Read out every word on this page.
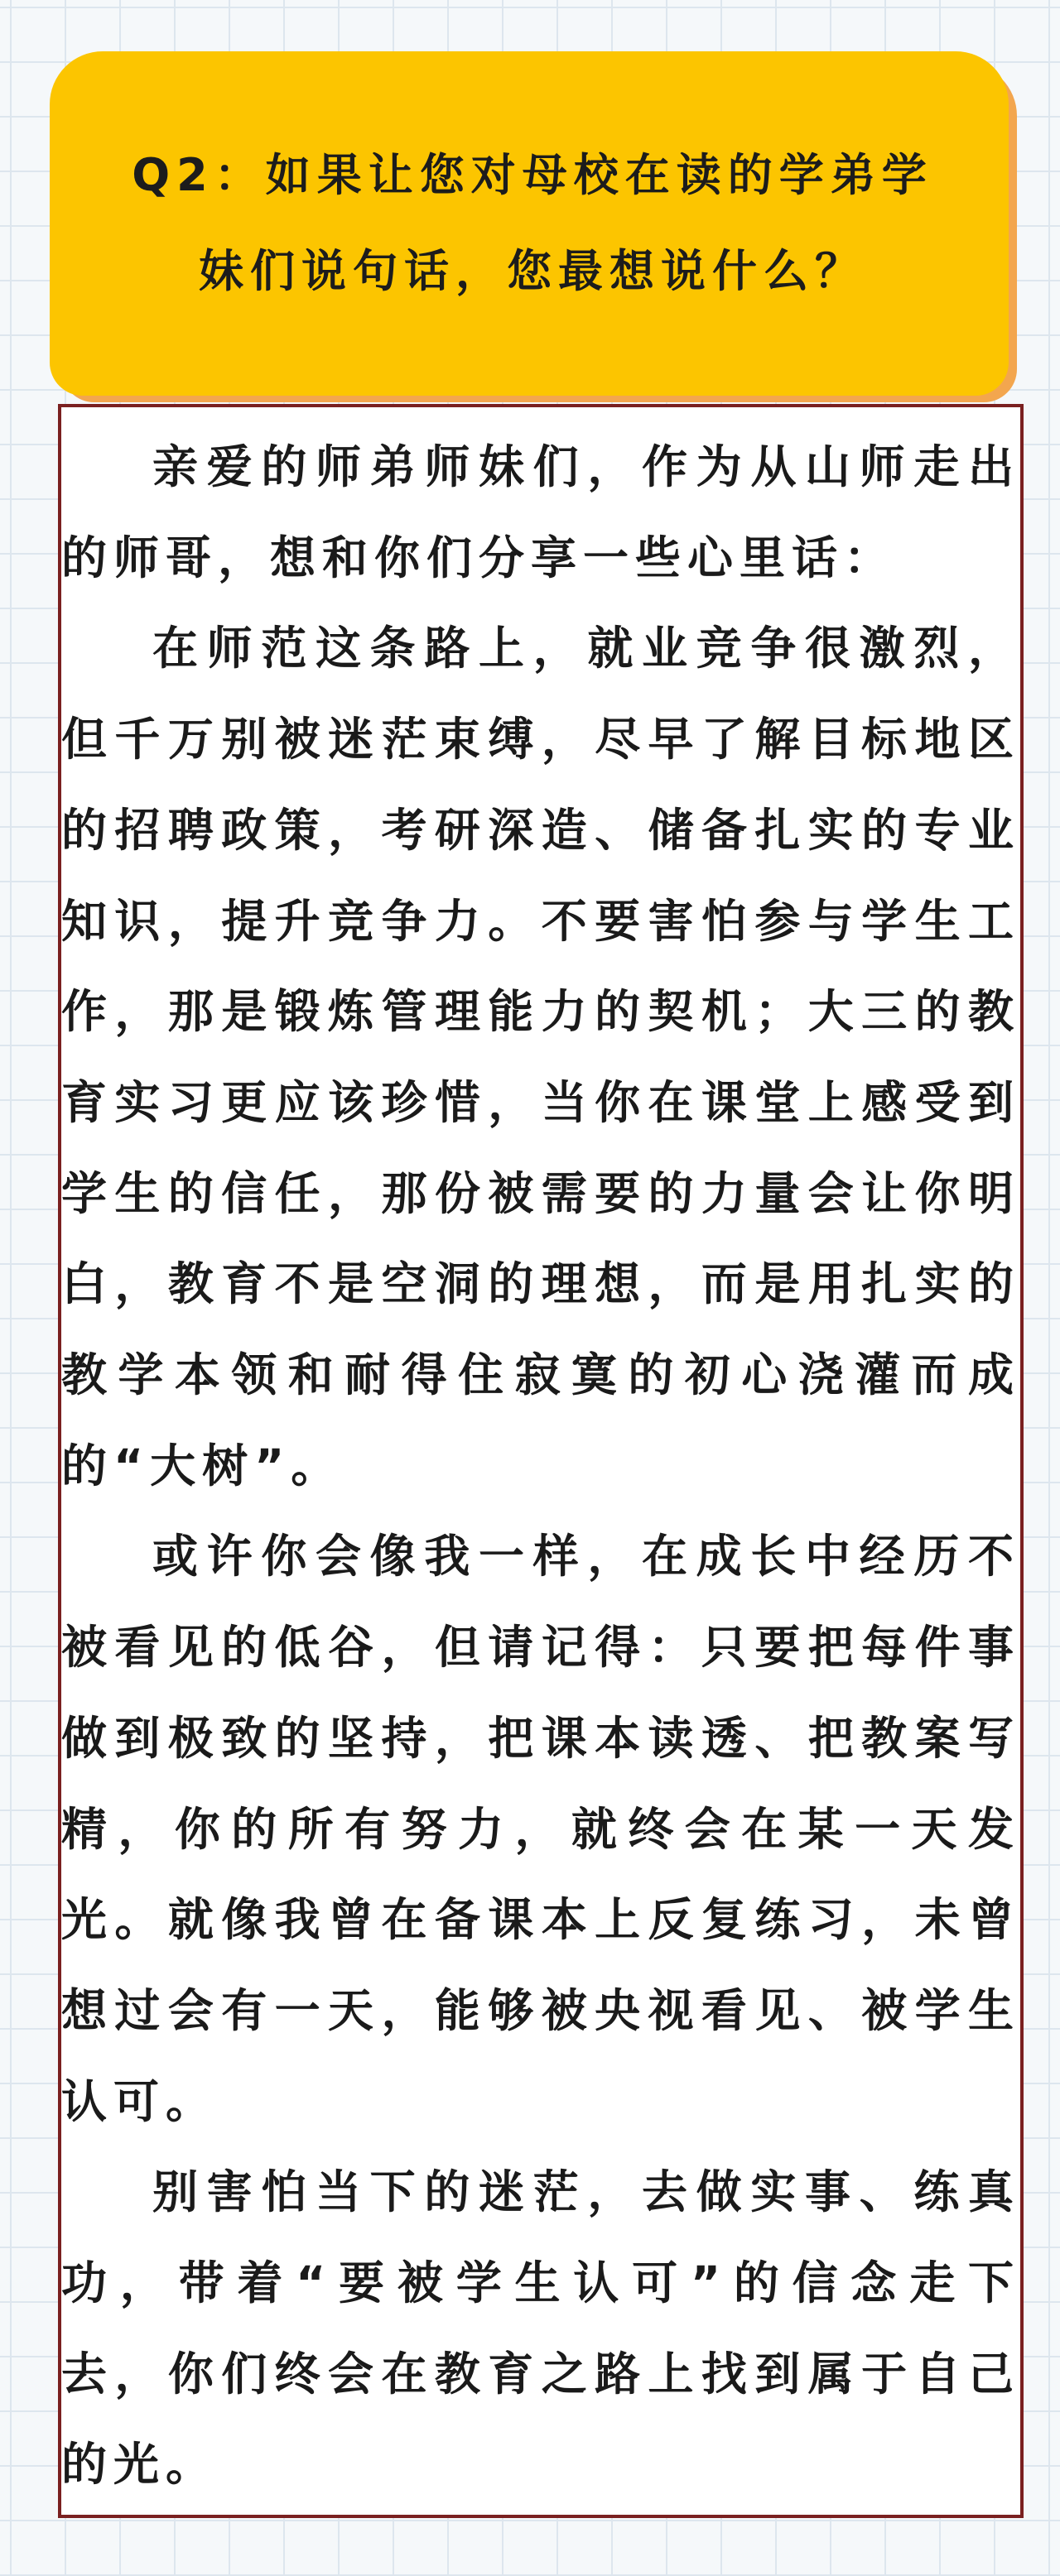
Q2：如果让您对母校在读的学弟学妹们说句话，您最想说什么？

亲爱的师弟师妹们，作为从山师走出的师哥，想和你们分享一些心里话：

在师范这条路上，就业竞争很激烈，但千万别被迷茫束缚，尽早了解目标地区的招聘政策，考研深造、储备扎实的专业知识，提升竞争力。不要害怕参与学生工作，那是锻炼管理能力的契机；大三的教育实习更应该珍惜，当你在课堂上感受到学生的信任，那份被需要的力量会让你明白，教育不是空洞的理想，而是用扎实的教学本领和耐得住寂寞的初心浇灌而成的“大树”。

或许你会像我一样，在成长中经历不被看见的低谷，但请记得：只要把每件事做到极致的坚持，把课本读透、把教案写精，你的所有努力，就终会在某一天发光。就像我曾在备课本上反复练习，未曾想过会有一天，能够被央视看见、被学生认可。

别害怕当下的迷茫，去做实事、练真功，带着“要被学生认可”的信念走下去，你们终会在教育之路上找到属于自己的光。
